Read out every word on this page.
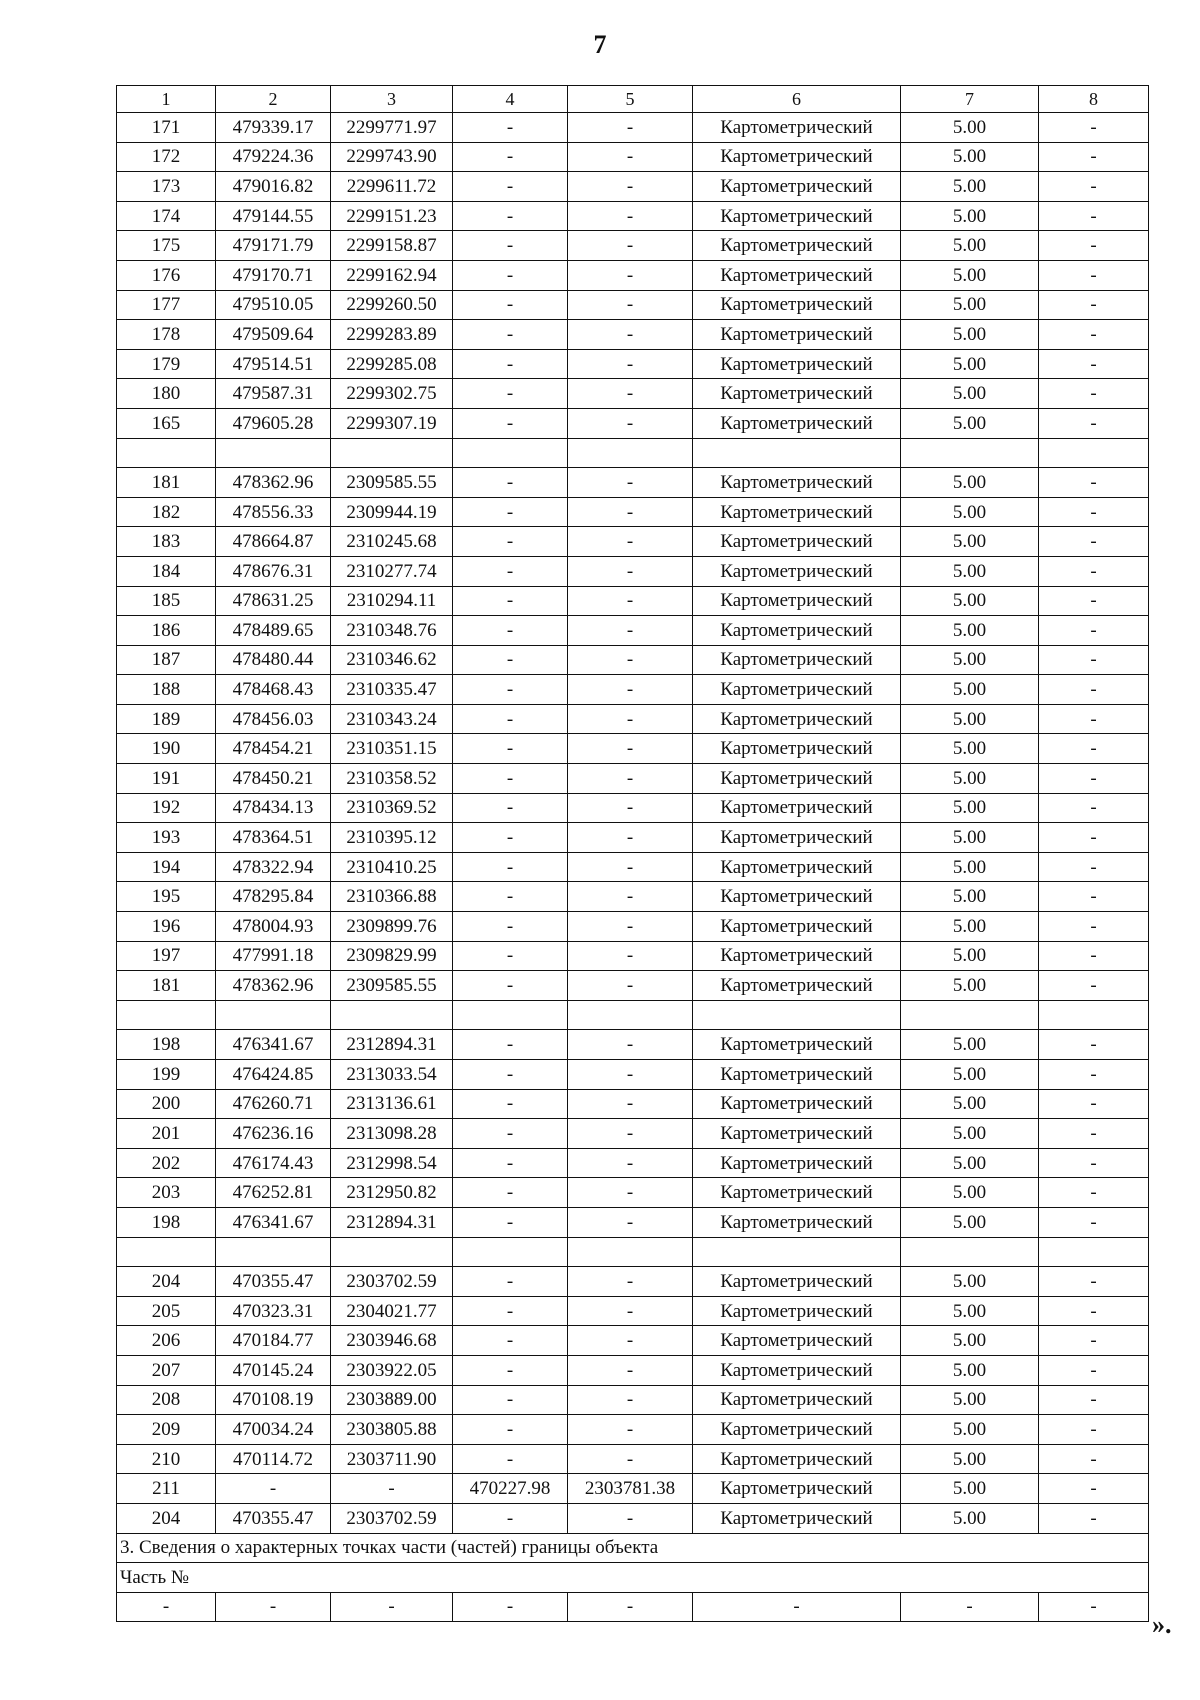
7
1	2	3	4	5	6	7	8
171	479339.17	2299771.97	-	-	Картометрический	5.00	-
172	479224.36	2299743.90	-	-	Картометрический	5.00	-
173	479016.82	2299611.72	-	-	Картометрический	5.00	-
174	479144.55	2299151.23	-	-	Картометрический	5.00	-
175	479171.79	2299158.87	-	-	Картометрический	5.00	-
176	479170.71	2299162.94	-	-	Картометрический	5.00	-
177	479510.05	2299260.50	-	-	Картометрический	5.00	-
178	479509.64	2299283.89	-	-	Картометрический	5.00	-
179	479514.51	2299285.08	-	-	Картометрический	5.00	-
180	479587.31	2299302.75	-	-	Картометрический	5.00	-
165	479605.28	2299307.19	-	-	Картометрический	5.00	-

181	478362.96	2309585.55	-	-	Картометрический	5.00	-
182	478556.33	2309944.19	-	-	Картометрический	5.00	-
183	478664.87	2310245.68	-	-	Картометрический	5.00	-
184	478676.31	2310277.74	-	-	Картометрический	5.00	-
185	478631.25	2310294.11	-	-	Картометрический	5.00	-
186	478489.65	2310348.76	-	-	Картометрический	5.00	-
187	478480.44	2310346.62	-	-	Картометрический	5.00	-
188	478468.43	2310335.47	-	-	Картометрический	5.00	-
189	478456.03	2310343.24	-	-	Картометрический	5.00	-
190	478454.21	2310351.15	-	-	Картометрический	5.00	-
191	478450.21	2310358.52	-	-	Картометрический	5.00	-
192	478434.13	2310369.52	-	-	Картометрический	5.00	-
193	478364.51	2310395.12	-	-	Картометрический	5.00	-
194	478322.94	2310410.25	-	-	Картометрический	5.00	-
195	478295.84	2310366.88	-	-	Картометрический	5.00	-
196	478004.93	2309899.76	-	-	Картометрический	5.00	-
197	477991.18	2309829.99	-	-	Картометрический	5.00	-
181	478362.96	2309585.55	-	-	Картометрический	5.00	-

198	476341.67	2312894.31	-	-	Картометрический	5.00	-
199	476424.85	2313033.54	-	-	Картометрический	5.00	-
200	476260.71	2313136.61	-	-	Картометрический	5.00	-
201	476236.16	2313098.28	-	-	Картометрический	5.00	-
202	476174.43	2312998.54	-	-	Картометрический	5.00	-
203	476252.81	2312950.82	-	-	Картометрический	5.00	-
198	476341.67	2312894.31	-	-	Картометрический	5.00	-

204	470355.47	2303702.59	-	-	Картометрический	5.00	-
205	470323.31	2304021.77	-	-	Картометрический	5.00	-
206	470184.77	2303946.68	-	-	Картометрический	5.00	-
207	470145.24	2303922.05	-	-	Картометрический	5.00	-
208	470108.19	2303889.00	-	-	Картометрический	5.00	-
209	470034.24	2303805.88	-	-	Картометрический	5.00	-
210	470114.72	2303711.90	-	-	Картометрический	5.00	-
211	-	-	470227.98	2303781.38	Картометрический	5.00	-
204	470355.47	2303702.59	-	-	Картометрический	5.00	-
3. Сведения о характерных точках части (частей) границы объекта							
Часть №							
-	-	-	-	-	-	-	-
».
